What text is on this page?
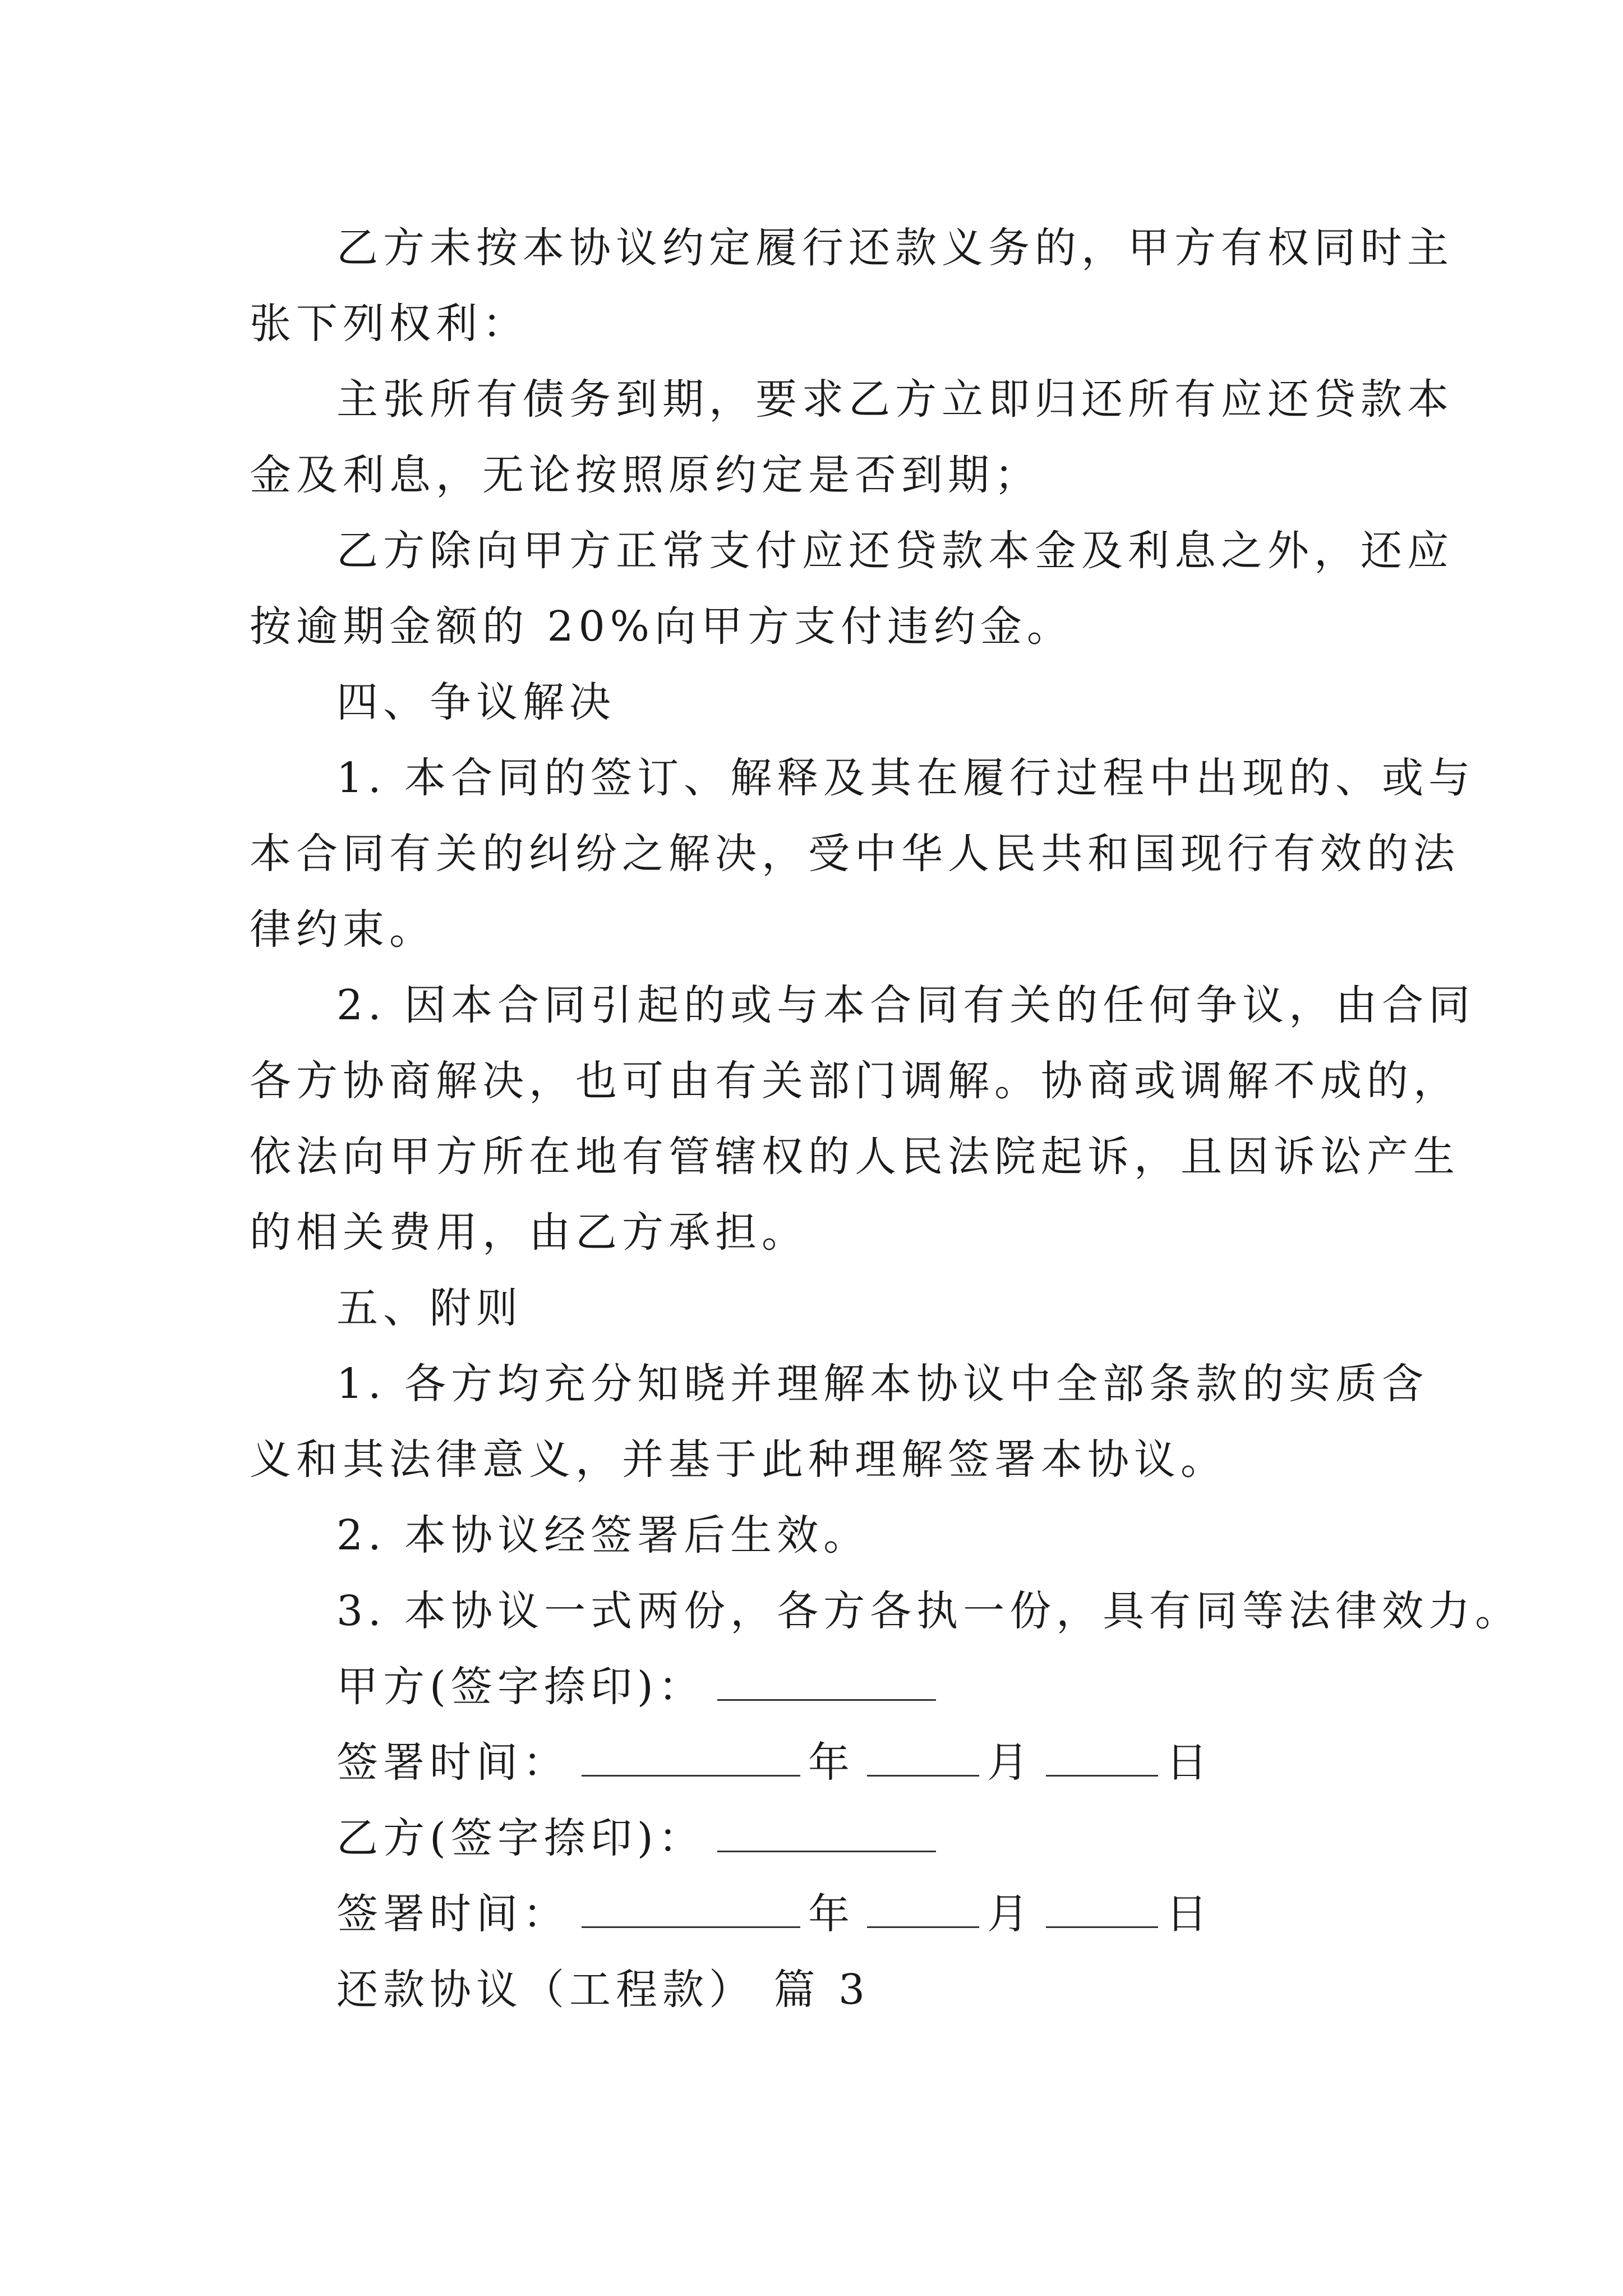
乙方未按本协议约定履行还款义务的，甲方有权同时主
张下列权利：
主张所有债务到期，要求乙方立即归还所有应还贷款本
金及利息，无论按照原约定是否到期；
乙方除向甲方正常支付应还贷款本金及利息之外，还应
按逾期金额的 20%向甲方支付违约金。
四、争议解决
1. 本合同的签订、解释及其在履行过程中出现的、或与
本合同有关的纠纷之解决，受中华人民共和国现行有效的法
律约束。
2. 因本合同引起的或与本合同有关的任何争议，由合同
各方协商解决，也可由有关部门调解。协商或调解不成的，
依法向甲方所在地有管辖权的人民法院起诉，且因诉讼产生
的相关费用，由乙方承担。
五、附则
1. 各方均充分知晓并理解本协议中全部条款的实质含
义和其法律意义，并基于此种理解签署本协议。
2. 本协议经签署后生效。
3. 本协议一式两份，各方各执一份，具有同等法律效力。
甲方(签字捺印)：
签署时间：	年	月	日
乙方(签字捺印)：
签署时间：	年	月	日
还款协议（工程款） 篇 3
